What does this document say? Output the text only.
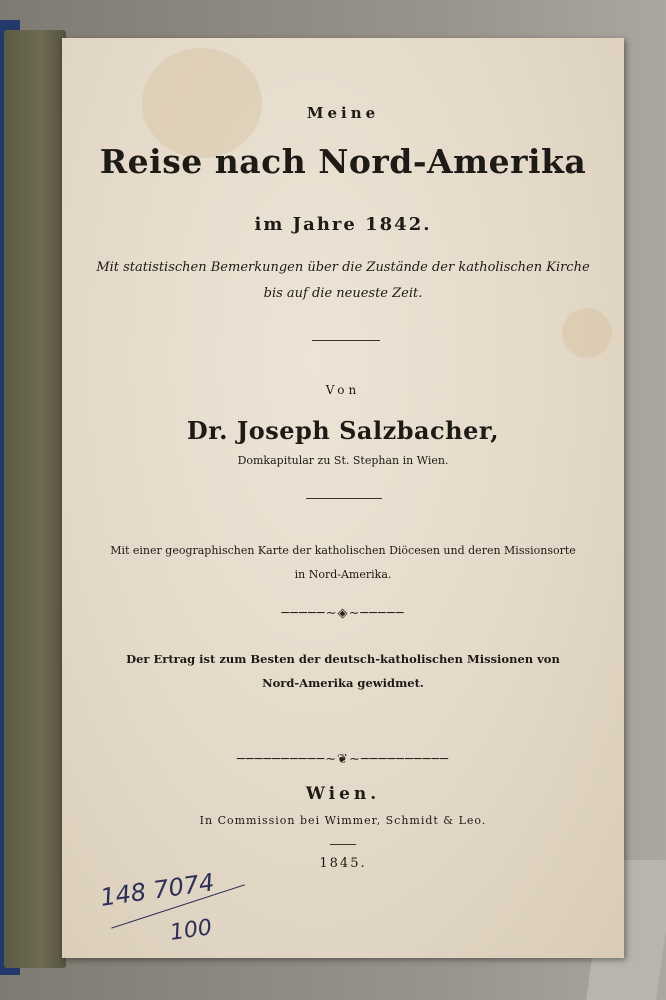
Meine
Reise nach Nord-Amerika
im Jahre 1842.
Mit statistischen Bemerkungen über die Zustände der katholischen Kirche
bis auf die neueste Zeit.
Von
Dr. Joseph Salzbacher,
Domkapitular zu St. Stephan in Wien.
Mit einer geographischen Karte der katholischen Diöcesen und deren Missionsorte
in Nord-Amerika.
─────∼◈∼─────
Der Ertrag ist zum Besten der deutsch-katholischen Missionen von
Nord-Amerika gewidmet.
──────────∼❦∼──────────
Wien.
In Commission bei Wimmer, Schmidt & Leo.
1845.
148 7074
100
